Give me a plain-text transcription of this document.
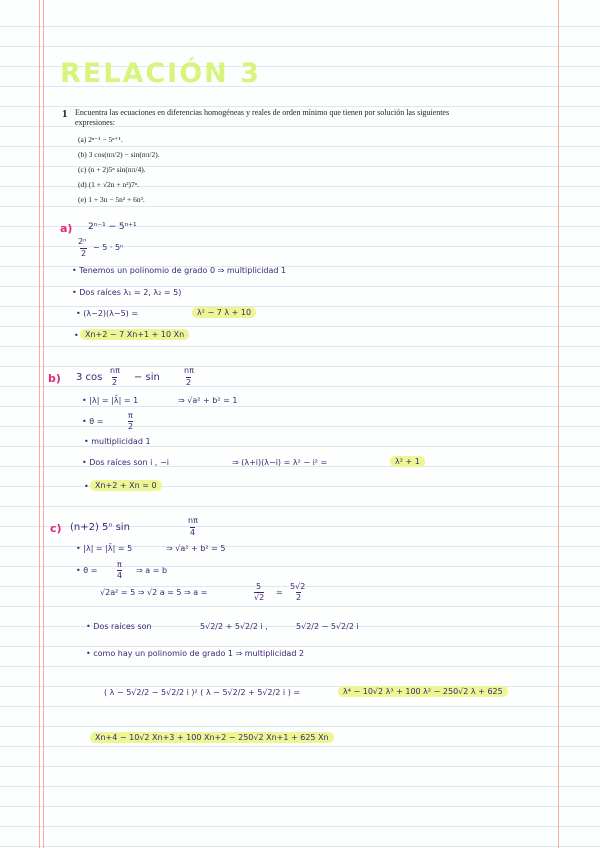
RELACIÓN 3
1 Encuentra las ecuaciones en diferencias homogéneas y reales de orden mínimo que tienen por solución las siguientes expresiones:
(a) 2ⁿ⁻¹ − 5ⁿ⁺¹.
(b) 3 cos(nπ/2) − sin(nπ/2).
(c) (n + 2)5ⁿ sin(nπ/4).
(d) (1 + √2n + n²)7ⁿ.
(e) 1 + 3n − 5n² + 6n³.
a) 2ⁿ⁻¹ − 5ⁿ⁺¹
2ⁿ
2
− 5 · 5ⁿ
• Tenemos un polinomio de grado 0 ⇒ multiplicidad 1
• Dos raíces λ₁ = 2, λ₂ = 5)
• (λ−2)(λ−5) =	λ² − 7 λ + 10
• Xn+2 − 7 Xn+1 + 10 Xn
b) 3 cos
nπ
2 − sin
nπ
2
• |λ| = |λ̄| = 1	⇒ √a² + b² = 1
• θ =
π
2
• multiplicidad 1
• Dos raíces son i , −i	⇒ (λ+i)(λ−i) = λ² − i² =	λ² + 1
• Xn+2 + Xn = 0
c) (n+2) 5ⁿ sin
nπ
4
• |λ| = |λ̄| = 5	⇒ √a² + b² = 5
• θ =
π
4
⇒ a = b
√2a² = 5 ⇒ √2 a = 5 ⇒ a =
5
√2
=
5√2
2
• Dos raíces son	5√2/2 + 5√2/2 i ,	5√2/2 − 5√2/2 i
• como hay un polinomio de grado 1 ⇒ multiplicidad 2
( λ − 5√2/2 − 5√2/2 i )² ( λ − 5√2/2 + 5√2/2 i ) =	λ⁴ − 10√2 λ³ + 100 λ² − 250√2 λ + 625
Xn+4 − 10√2 Xn+3 + 100 Xn+2 − 250√2 Xn+1 + 625 Xn
